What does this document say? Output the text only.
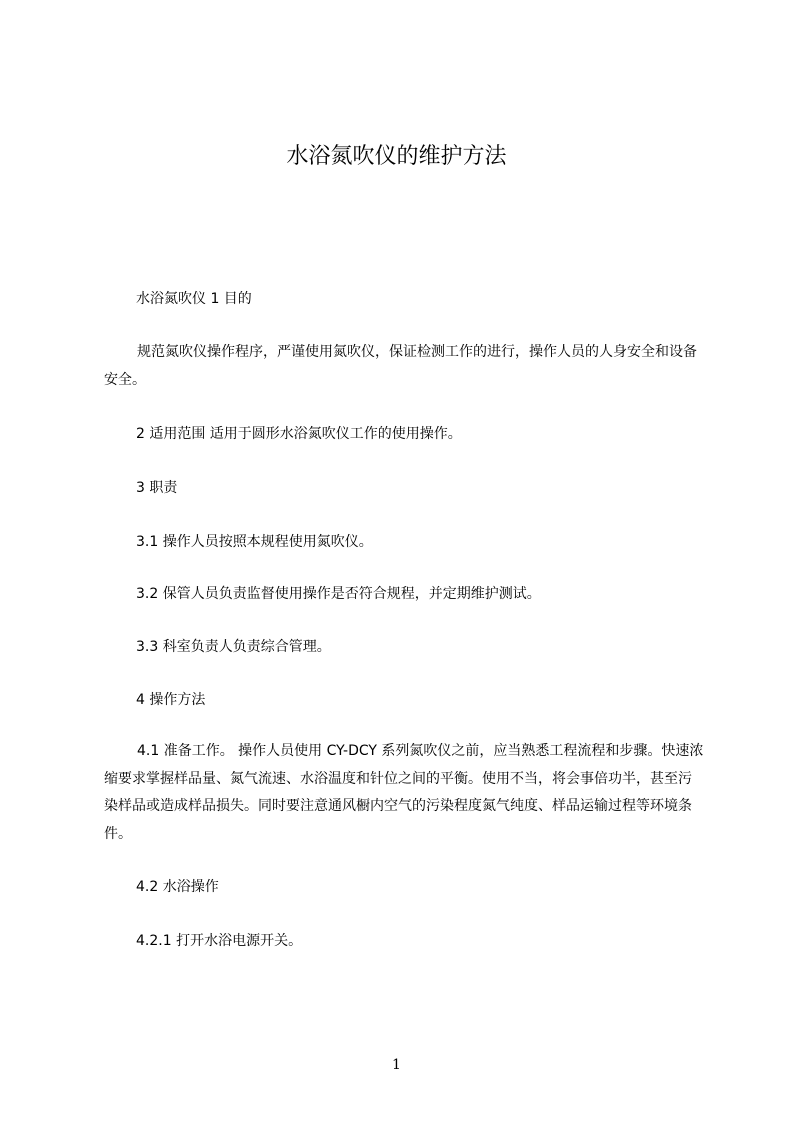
水浴氮吹仪的维护方法
水浴氮吹仪 1 目的
规范氮吹仪操作程序，严谨使用氮吹仪，保证检测工作的进行，操作人员的人身安全和设备安全。
2 适用范围 适用于圆形水浴氮吹仪工作的使用操作。
3 职责
3.1 操作人员按照本规程使用氮吹仪。
3.2 保管人员负责监督使用操作是否符合规程，并定期维护测试。
3.3 科室负责人负责综合管理。
4 操作方法
4.1 准备工作。 操作人员使用 CY-DCY 系列氮吹仪之前，应当熟悉工程流程和步骤。快速浓缩要求掌握样品量、氮气流速、水浴温度和针位之间的平衡。使用不当，将会事倍功半，甚至污染样品或造成样品损失。同时要注意通风橱内空气的污染程度氮气纯度、样品运输过程等环境条件。
4.2 水浴操作
4.2.1 打开水浴电源开关。
1
